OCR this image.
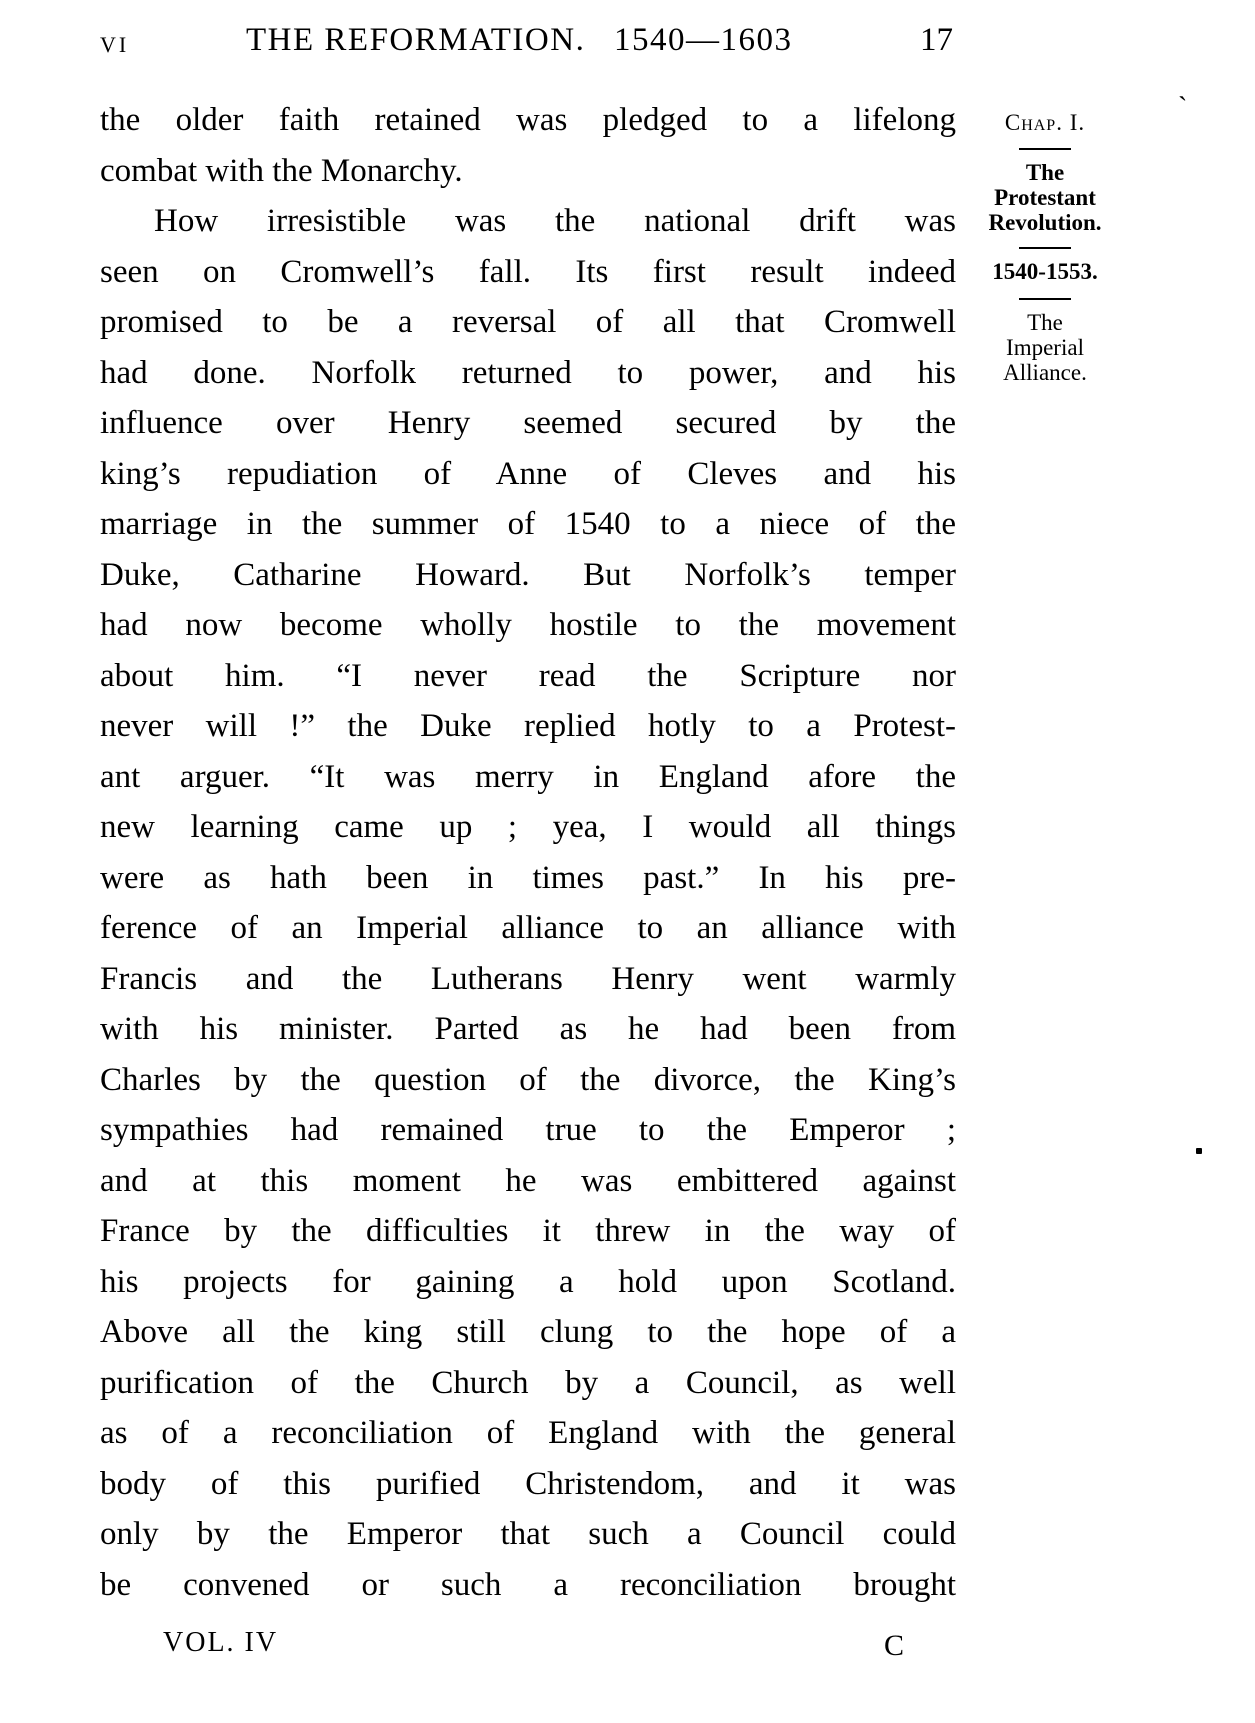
VI	THE REFORMATION. 1540—1603	17
the older faith retained was pledged to a lifelong
combat with the Monarchy.
How irresistible was the national drift was
seen on Cromwell’s fall. Its first result indeed
promised to be a reversal of all that Cromwell
had done. Norfolk returned to power, and his
influence over Henry seemed secured by the
king’s repudiation of Anne of Cleves and his
marriage in the summer of 1540 to a niece of the
Duke, Catharine Howard. But Norfolk’s temper
had now become wholly hostile to the movement
about him. “I never read the Scripture nor
never will !” the Duke replied hotly to a Protest-
ant arguer. “It was merry in England afore the
new learning came up ; yea, I would all things
were as hath been in times past.” In his pre-
ference of an Imperial alliance to an alliance with
Francis and the Lutherans Henry went warmly
with his minister. Parted as he had been from
Charles by the question of the divorce, the King’s
sympathies had remained true to the Emperor ;
and at this moment he was embittered against
France by the difficulties it threw in the way of
his projects for gaining a hold upon Scotland.
Above all the king still clung to the hope of a
purification of the Church by a Council, as well
as of a reconciliation of England with the general
body of this purified Christendom, and it was
only by the Emperor that such a Council could
be convened or such a reconciliation brought
Chap. I.
The
Protestant
Revolution.
1540-1553.
The
Imperial
Alliance.
VOL. IV	C
ˋ
